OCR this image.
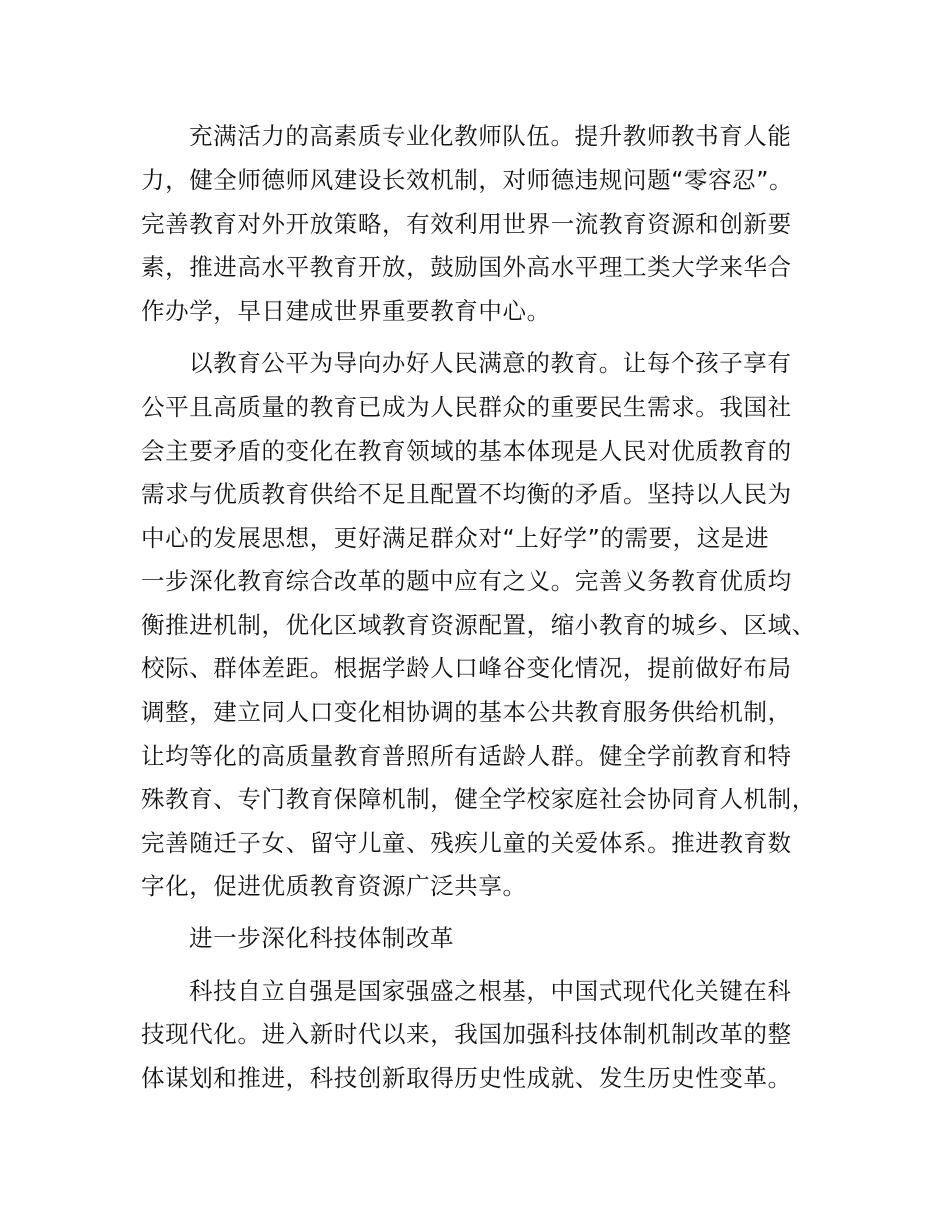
充满活力的高素质专业化教师队伍。提升教师教书育人能
力，健全师德师风建设长效机制，对师德违规问题“零容忍”。
完善教育对外开放策略，有效利用世界一流教育资源和创新要
素，推进高水平教育开放，鼓励国外高水平理工类大学来华合
作办学，早日建成世界重要教育中心。
以教育公平为导向办好人民满意的教育。让每个孩子享有
公平且高质量的教育已成为人民群众的重要民生需求。我国社
会主要矛盾的变化在教育领域的基本体现是人民对优质教育的
需求与优质教育供给不足且配置不均衡的矛盾。坚持以人民为
中心的发展思想，更好满足群众对“上好学”的需要，这是进
一步深化教育综合改革的题中应有之义。完善义务教育优质均
衡推进机制，优化区域教育资源配置，缩小教育的城乡、区域、
校际、群体差距。根据学龄人口峰谷变化情况，提前做好布局
调整，建立同人口变化相协调的基本公共教育服务供给机制，
让均等化的高质量教育普照所有适龄人群。健全学前教育和特
殊教育、专门教育保障机制，健全学校家庭社会协同育人机制，
完善随迁子女、留守儿童、残疾儿童的关爱体系。推进教育数
字化，促进优质教育资源广泛共享。
进一步深化科技体制改革
科技自立自强是国家强盛之根基，中国式现代化关键在科
技现代化。进入新时代以来，我国加强科技体制机制改革的整
体谋划和推进，科技创新取得历史性成就、发生历史性变革。
